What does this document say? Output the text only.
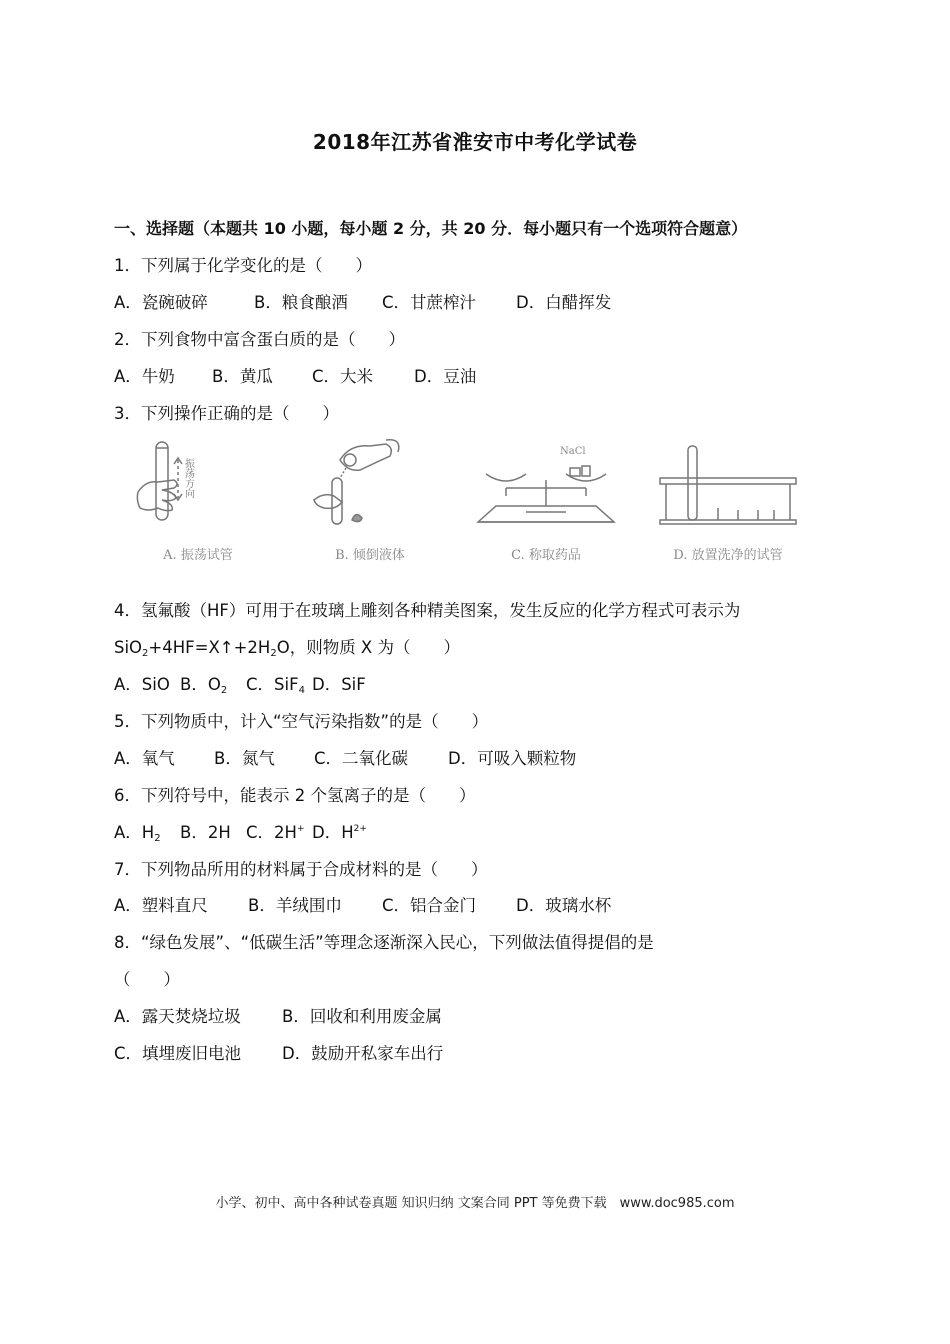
2018年江苏省淮安市中考化学试卷
一、选择题（本题共 10 小题，每小题 2 分，共 20 分．每小题只有一个选项符合题意）
1．下列属于化学变化的是（　　）
A．瓷碗破碎	B．粮食酿酒 C．甘蔗榨汁 D．白醋挥发
2．下列食物中富含蛋白质的是（　　）
A．牛奶 B．黄瓜 C．大米 D．豆油
3．下列操作正确的是（　　）
振荡方向
A. 振荡试管	B. 倾倒液体
NaCl
C. 称取药品	D. 放置洗净的试管
4．氢氟酸（HF）可用于在玻璃上雕刻各种精美图案，发生反应的化学方程式可表示为
$SiO_2+4HF=X↑+2H_2O$，则物质 X 为（　　）
A．SiO B．O2 C．SiF4 D．SiF
5．下列物质中，计入“空气污染指数”的是（　　）
A．氧气 B．氮气 C．二氧化碳 D．可吸入颗粒物
6．下列符号中，能表示 2 个氢离子的是（　　）
A．H2 B．2H C．2H+ D．H2+
7．下列物品所用的材料属于合成材料的是（　　）
A．塑料直尺 B．羊绒围巾 C．铝合金门 D．玻璃水杯
8．“绿色发展”、“低碳生活”等理念逐渐深入民心，下列做法值得提倡的是
（　　）
A．露天焚烧垃圾 B．回收和利用废金属
C．填埋废旧电池 D．鼓励开私家车出行
小学、初中、高中各种试卷真题 知识归纳 文案合同 PPT 等免费下载　www.doc985.com
